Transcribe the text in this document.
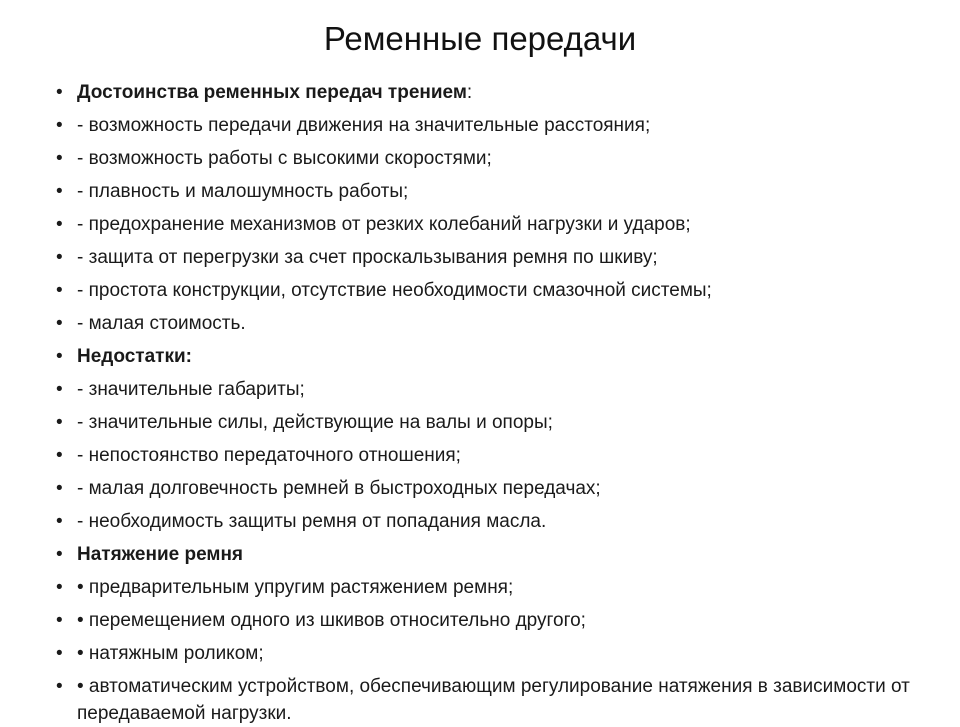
Ременные передачи
• Достоинства ременных передач трением:
• - возможность передачи движения на значительные расстояния;
• - возможность работы с высокими скоростями;
• - плавность и малошумность работы;
• - предохранение механизмов от резких колебаний нагрузки и ударов;
• - защита от перегрузки за счет проскальзывания ремня по шкиву;
• - простота конструкции, отсутствие необходимости смазочной системы;
• - малая стоимость.
• Недостатки:
• - значительные габариты;
• - значительные силы, действующие на валы и опоры;
• - непостоянство передаточного отношения;
• - малая долговечность ремней в быстроходных передачах;
• - необходимость защиты ремня от попадания масла.
• Натяжение ремня
• • предварительным упругим растяжением ремня;
• • перемещением одного из шкивов относительно другого;
• • натяжным роликом;
• • автоматическим устройством, обеспечивающим регулирование натяжения в зависимости от передаваемой нагрузки.
